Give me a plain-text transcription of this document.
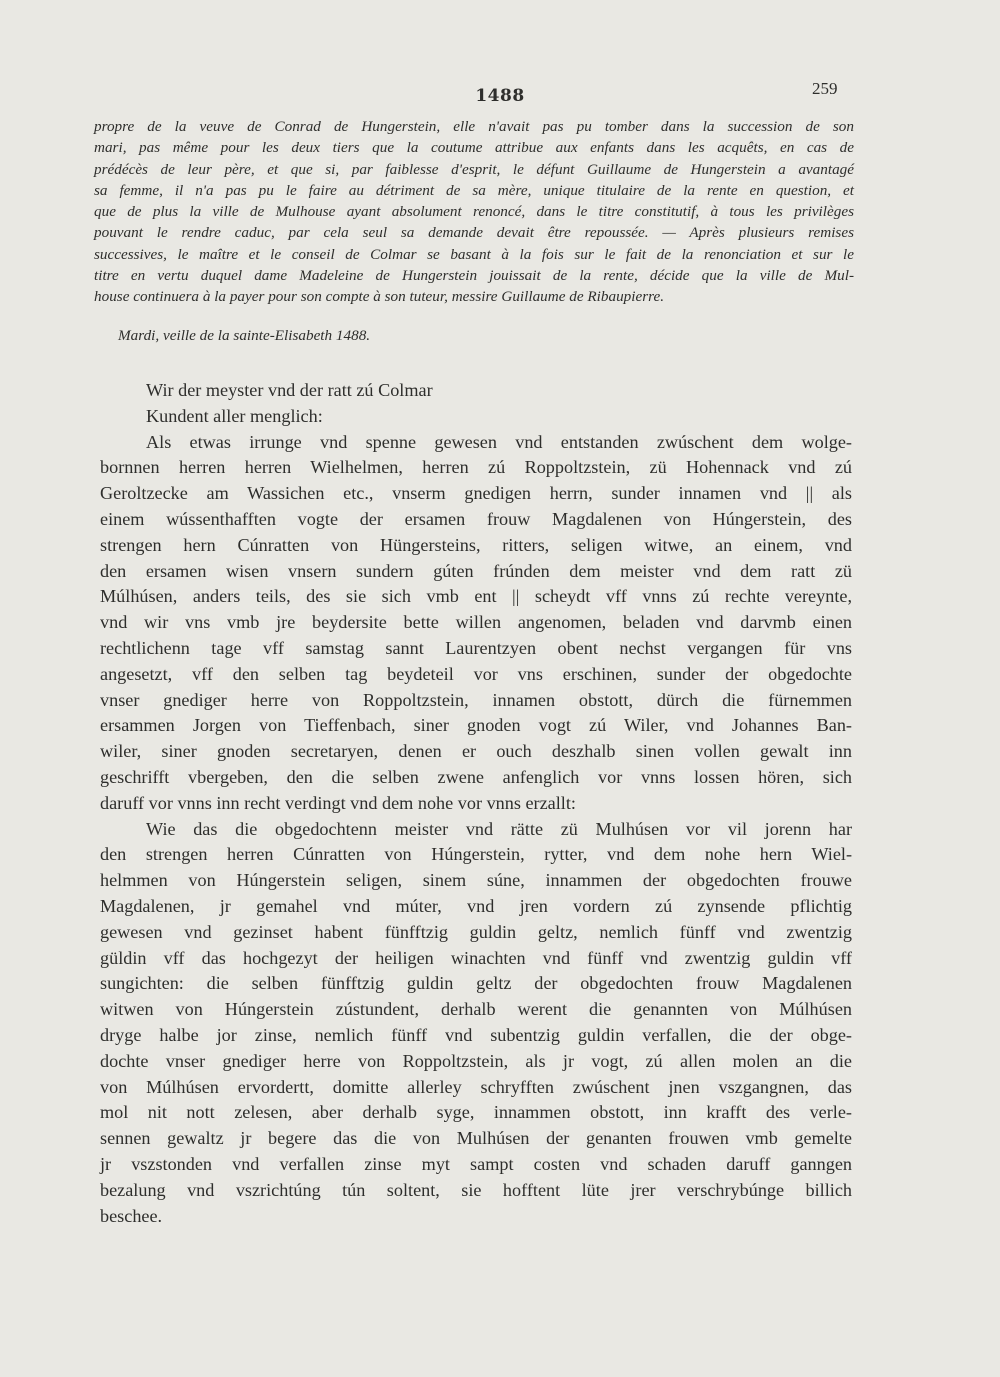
1488	259
propre de la veuve de Conrad de Hungerstein, elle n'avait pas pu tomber dans la succession de son
mari, pas même pour les deux tiers que la coutume attribue aux enfants dans les acquêts, en cas de
prédécès de leur père, et que si, par faiblesse d'esprit, le défunt Guillaume de Hungerstein a avantagé
sa femme, il n'a pas pu le faire au détriment de sa mère, unique titulaire de la rente en question, et
que de plus la ville de Mulhouse ayant absolument renoncé, dans le titre constitutif, à tous les privilèges
pouvant le rendre caduc, par cela seul sa demande devait être repoussée. — Après plusieurs remises
successives, le maître et le conseil de Colmar se basant à la fois sur le fait de la renonciation et sur le
titre en vertu duquel dame Madeleine de Hungerstein jouissait de la rente, décide que la ville de Mul-
house continuera à la payer pour son compte à son tuteur, messire Guillaume de Ribaupierre.
Mardi, veille de la sainte-Elisabeth 1488.
Wir der meyster vnd der ratt zú Colmar
Kundent aller menglich:
Als etwas irrunge vnd spenne gewesen vnd entstanden zwúschent dem wolge-
bornnen herren herren Wielhelmen, herren zú Roppoltzstein, zü Hohennack vnd zú
Geroltzecke am Wassichen etc., vnserm gnedigen herrn, sunder innamen vnd || als
einem wússenthafften vogte der ersamen frouw Magdalenen von Húngerstein, des
strengen hern Cúnratten von Hüngersteins, ritters, seligen witwe, an einem, vnd
den ersamen wisen vnsern sundern gúten frúnden dem meister vnd dem ratt zü
Múlhúsen, anders teils, des sie sich vmb ent || scheydt vff vnns zú rechte vereynte,
vnd wir vns vmb jre beydersite bette willen angenomen, beladen vnd darvmb einen
rechtlichenn tage vff samstag sannt Laurentzyen obent nechst vergangen für vns
angesetzt, vff den selben tag beydeteil vor vns erschinen, sunder der obgedochte
vnser gnediger herre von Roppoltzstein, innamen obstott, dürch die fürnemmen
ersammen Jorgen von Tieffenbach, siner gnoden vogt zú Wiler, vnd Johannes Ban-
wiler, siner gnoden secretaryen, denen er ouch deszhalb sinen vollen gewalt inn
geschrifft vbergeben, den die selben zwene anfenglich vor vnns lossen hören, sich
daruff vor vnns inn recht verdingt vnd dem nohe vor vnns erzallt:
Wie das die obgedochtenn meister vnd rätte zü Mulhúsen vor vil jorenn har
den strengen herren Cúnratten von Húngerstein, rytter, vnd dem nohe hern Wiel-
helmmen von Húngerstein seligen, sinem súne, innammen der obgedochten frouwe
Magdalenen, jr gemahel vnd múter, vnd jren vordern zú zynsende pflichtig
gewesen vnd gezinset habent fünfftzig guldin geltz, nemlich fünff vnd zwentzig
güldin vff das hochgezyt der heiligen winachten vnd fünff vnd zwentzig guldin vff
sungichten: die selben fünfftzig guldin geltz der obgedochten frouw Magdalenen
witwen von Húngerstein zústundent, derhalb werent die genannten von Múlhúsen
dryge halbe jor zinse, nemlich fünff vnd subentzig guldin verfallen, die der obge-
dochte vnser gnediger herre von Roppoltzstein, als jr vogt, zú allen molen an die
von Múlhúsen ervordertt, domitte allerley schryfften zwúschent jnen vszgangnen, das
mol nit nott zelesen, aber derhalb syge, innammen obstott, inn krafft des verle-
sennen gewaltz jr begere das die von Mulhúsen der genanten frouwen vmb gemelte
jr vszstonden vnd verfallen zinse myt sampt costen vnd schaden daruff ganngen
bezalung vnd vszrichtúng tún soltent, sie hofftent lüte jrer verschrybúnge billich
beschee.
